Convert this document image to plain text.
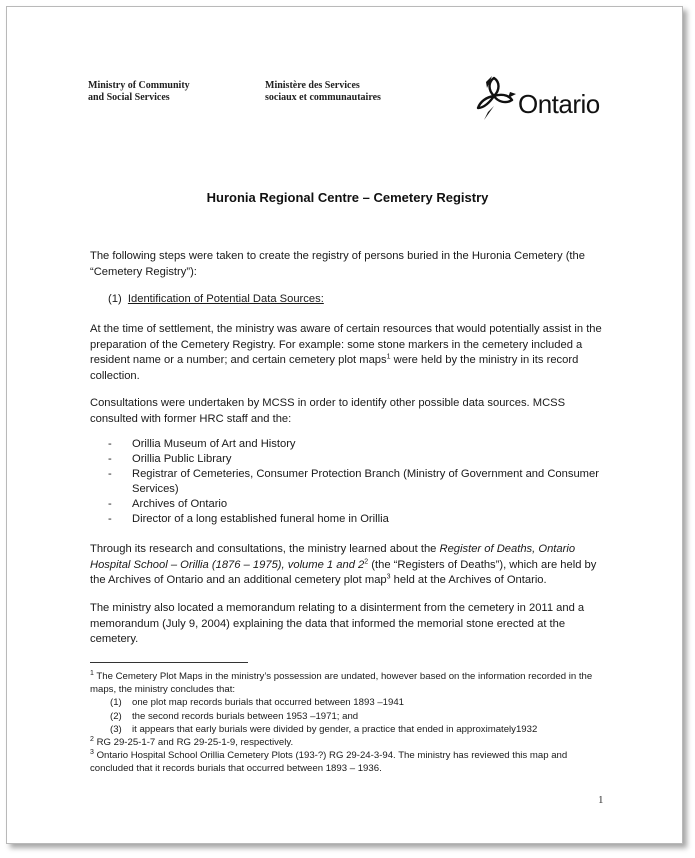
Ministry of Community
and Social Services
Ministère des Services
sociaux et communautaires	Ontario
Huronia Regional Centre – Cemetery Registry

The following steps were taken to create the registry of persons buried in the Huronia Cemetery (the “Cemetery Registry”):

(1) Identification of Potential Data Sources:

At the time of settlement, the ministry was aware of certain resources that would potentially assist in the preparation of the Cemetery Registry. For example: some stone markers in the cemetery included a resident name or a number; and certain cemetery plot maps$^1$ were held by the ministry in its record collection.

Consultations were undertaken by MCSS in order to identify other possible data sources. MCSS consulted with former HRC staff and the:

- Orillia Museum of Art and History
- Orillia Public Library
- Registrar of Cemeteries, Consumer Protection Branch (Ministry of Government and Consumer Services)
- Archives of Ontario
- Director of a long established funeral home in Orillia

Through its research and consultations, the ministry learned about the Register of Deaths, Ontario Hospital School – Orillia (1876 – 1975), volume 1 and $2^2$ (the “Registers of Deaths”), which are held by the Archives of Ontario and an additional cemetery plot map$^3$ held at the Archives of Ontario.

The ministry also located a memorandum relating to a disinterment from the cemetery in 2011 and a memorandum (July 9, 2004) explaining the data that informed the memorial stone erected at the cemetery.

$^1$ The Cemetery Plot Maps in the ministry’s possession are undated, however based on the information recorded in the maps, the ministry concludes that:
(1) one plot map records burials that occurred between 1893 –1941
(2) the second records burials between 1953 –1971; and
(3) it appears that early burials were divided by gender, a practice that ended in approximately1932
$^2$ RG 29-25-1-7 and RG 29-25-1-9, respectively.
$^3$ Ontario Hospital School Orillia Cemetery Plots (193-?) RG 29-24-3-94. The ministry has reviewed this map and concluded that it records burials that occurred between 1893 – 1936.
1
